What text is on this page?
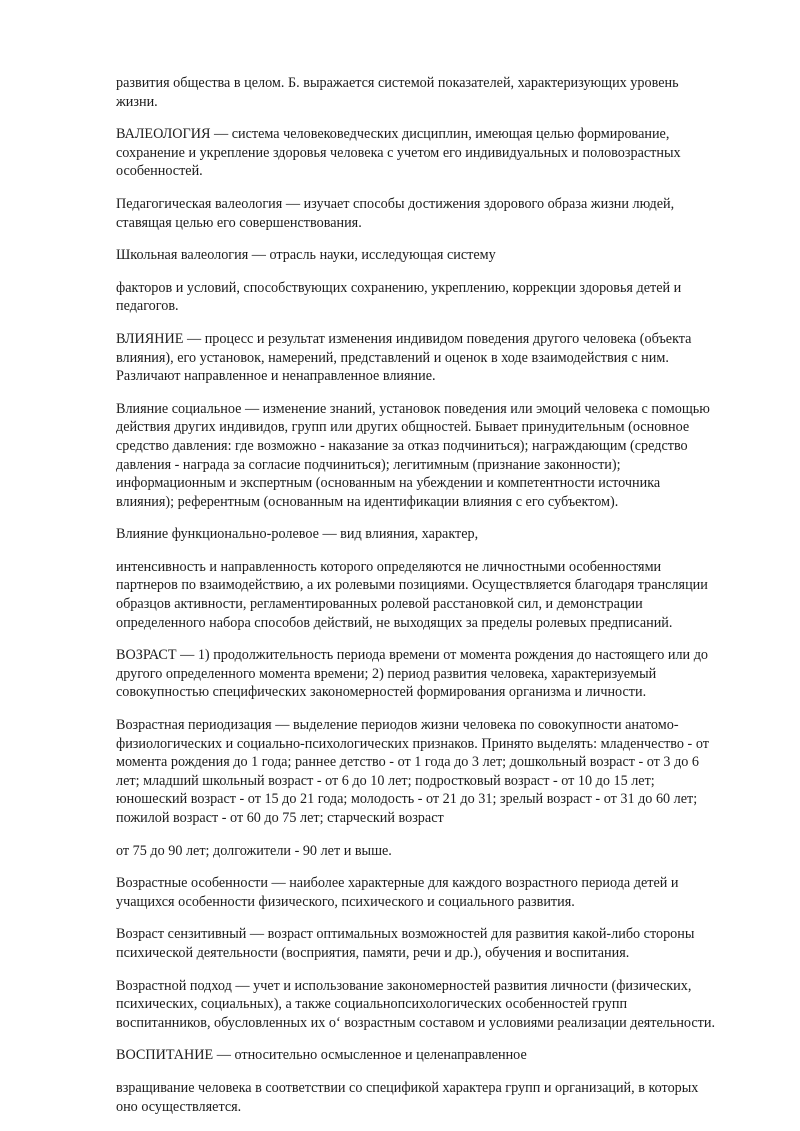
развития общества в целом. Б. выражается системой показателей, характеризующих уровень жизни.

ВАЛЕОЛОГИЯ — система человековедческих дисциплин, имеющая целью формирование, сохранение и укрепление здоровья человека с учетом его индивидуальных и половозрастных особенностей.

Педагогическая валеология — изучает способы достижения здорового образа жизни людей, ставящая целью его совершенствования.

Школьная валеология — отрасль науки, исследующая систему

факторов и условий, способствующих сохранению, укреплению, коррекции здоровья детей и педагогов.

ВЛИЯНИЕ — процесс и результат изменения индивидом поведения другого человека (объекта влияния), его установок, намерений, представлений и оценок в ходе взаимодействия с ним. Различают направленное и ненаправленное влияние.

Влияние социальное — изменение знаний, установок поведения или эмоций человека с помощью действия других индивидов, групп или других общностей. Бывает принудительным (основное средство давления: где возможно - наказание за отказ подчиниться); награждающим (средство давления - награда за согласие подчиниться); легитимным (признание законности); информационным и экспертным (основанным на убеждении и компетентности источника влияния); референтным (основанным на идентификации влияния с его субъектом).

Влияние функционально-ролевое — вид влияния, характер,

интенсивность и направленность которого определяются не личностными особенностями партнеров по взаимодействию, а их ролевыми позициями. Осуществляется благодаря трансляции образцов активности, регламентированных ролевой расстановкой сил, и демонстрации определенного набора способов действий, не выходящих за пределы ролевых предписаний.

ВОЗРАСТ — 1) продолжительность периода времени от момента рождения до настоящего или до другого определенного момента времени; 2) период развития человека, характеризуемый совокупностью специфических закономерностей формирования организма и личности.

Возрастная периодизация — выделение периодов жизни человека по совокупности анатомо-физиологических и социально-психологических признаков. Принято выделять: младенчество - от момента рождения до 1 года; раннее детство - от 1 года до 3 лет; дошкольный возраст - от 3 до 6 лет; младший школьный возраст - от 6 до 10 лет; подростковый возраст - от 10 до 15 лет; юношеский возраст - от 15 до 21 года; молодость - от 21 до 31; зрелый возраст - от 31 до 60 лет; пожилой возраст - от 60 до 75 лет; старческий возраст

от 75 до 90 лет; долгожители - 90 лет и выше.

Возрастные особенности — наиболее характерные для каждого возрастного периода детей и учащихся особенности физического, психического и социального развития.

Возраст сензитивный — возраст оптимальных возможностей для развития какой-либо стороны психической деятельности (восприятия, памяти, речи и др.), обучения и воспитания.

Возрастной подход — учет и использование закономерностей развития личности (физических, психических, социальных), а также социальнопсихологических особенностей групп воспитанников, обусловленных их о‘ возрастным составом и условиями реализации деятельности.

ВОСПИТАНИЕ — относительно осмысленное и целенаправленное

взращивание человека в соответствии со спецификой характера групп и организаций, в которых оно осуществляется.
